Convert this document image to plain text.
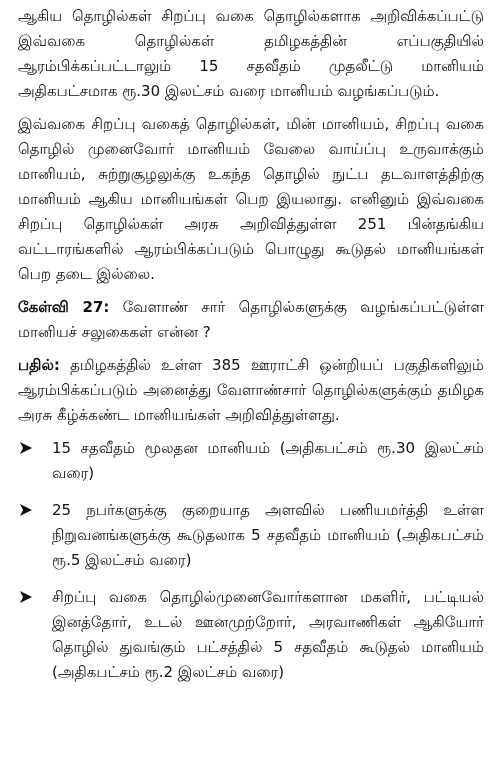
ஆகிய தொழில்கள் சிறப்பு வகை தொழில்களாக அறிவிக்கப்பட்டு இவ்வகை தொழில்கள் தமிழகத்தின் எப்பகுதியில் ஆரம்பிக்கப்பட்டாலும் 15 சதவீதம் முதலீட்டு மானியம் அதிகபட்சமாக ரூ.30 இலட்சம் வரை மானியம் வழங்கப்படும்.

இவ்வகை சிறப்பு வகைத் தொழில்கள், மின் மானியம், சிறப்பு வகை தொழில் முனைவோர் மானியம் வேலை வாய்ப்பு உருவாக்கும் மானியம், சுற்றுசூழலுக்கு உகந்த தொழில் நுட்ப தடவாளத்திற்கு மானியம் ஆகிய மானியங்கள் பெற இயலாது. எனினும் இவ்வகை சிறப்பு தொழில்கள் அரசு அறிவித்துள்ள 251 பின்தங்கிய வட்டாரங்களில் ஆரம்பிக்கப்படும் பொழுது கூடுதல் மானியங்கள் பெற தடை இல்லை.

கேள்வி 27: வேளாண் சார் தொழில்களுக்கு வழங்கப்பட்டுள்ள மானியச் சலுகைகள் என்ன ?

பதில்: தமிழகத்தில் உள்ள 385 ஊராட்சி ஒன்றியப் பகுதிகளிலும் ஆரம்பிக்கப்படும் அனைத்து வேளாண்சார் தொழில்களுக்கும் தமிழக அரசு கீழ்க்கண்ட மானியங்கள் அறிவித்துள்ளது.

15 சதவீதம் மூலதன மானியம் (அதிகபட்சம் ரூ.30 இலட்சம் வரை)
25 நபர்களுக்கு குறையாத அளவில் பணியமர்த்தி உள்ள நிறுவனங்களுக்கு கூடுதலாக 5 சதவீதம் மானியம் (அதிகபட்சம் ரூ.5 இலட்சம் வரை)
சிறப்பு வகை தொழில்முனைவோர்களான மகளிர், பட்டியல் இனத்தோர், உடல் ஊனமுற்றோர், அரவாணிகள் ஆகியோர் தொழில் துவங்கும் பட்சத்தில் 5 சதவீதம் கூடுதல் மானியம் (அதிகபட்சம் ரூ.2 இலட்சம் வரை)
